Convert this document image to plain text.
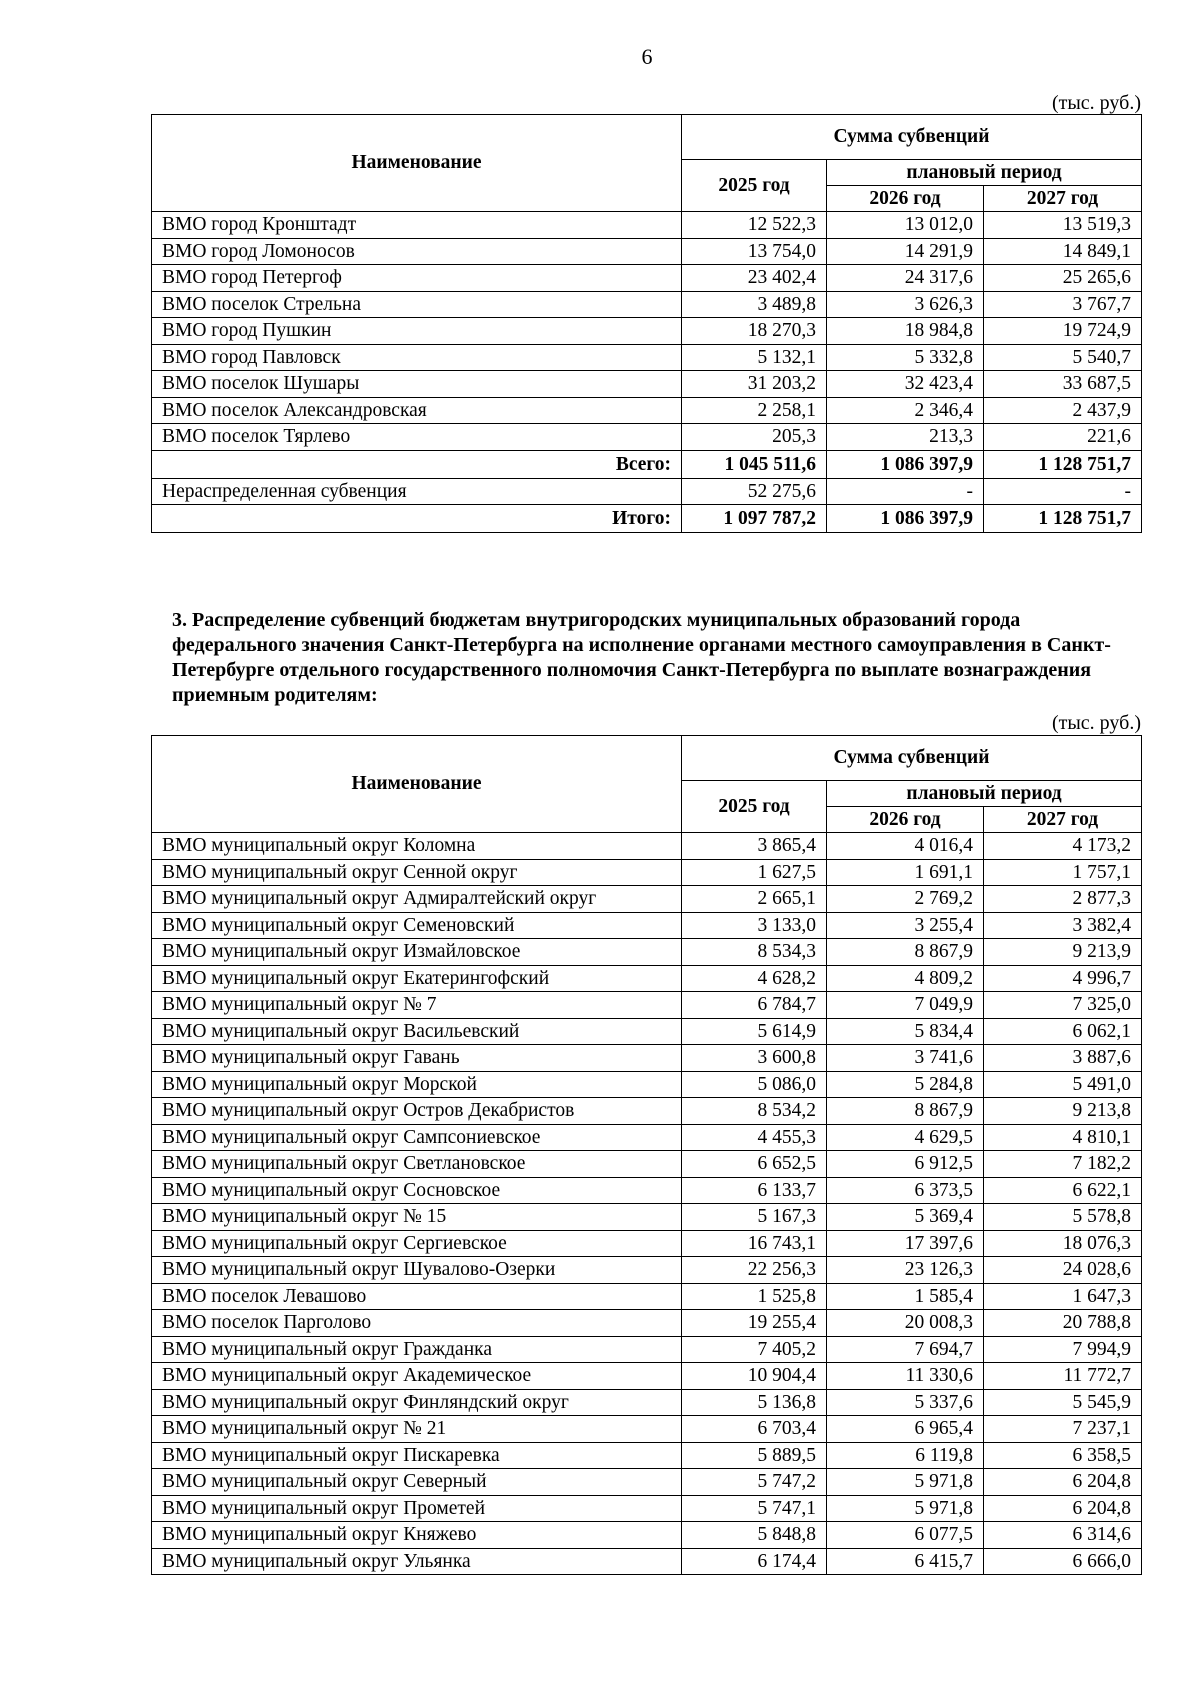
6
(тыс. руб.)
Наименование	Сумма субвенций		
	2025 год	плановый период	
		2026 год	2027 год
ВМО город Кронштадт	12 522,3	13 012,0	13 519,3
ВМО город Ломоносов	13 754,0	14 291,9	14 849,1
ВМО город Петергоф	23 402,4	24 317,6	25 265,6
ВМО поселок Стрельна	3 489,8	3 626,3	3 767,7
ВМО город Пушкин	18 270,3	18 984,8	19 724,9
ВМО город Павловск	5 132,1	5 332,8	5 540,7
ВМО поселок Шушары	31 203,2	32 423,4	33 687,5
ВМО поселок Александровская	2 258,1	2 346,4	2 437,9
ВМО поселок Тярлево	205,3	213,3	221,6
Всего:	1 045 511,6	1 086 397,9	1 128 751,7
Нераспределенная субвенция	52 275,6	-	-
Итого:	1 097 787,2	1 086 397,9	1 128 751,7
3. Распределение субвенций бюджетам внутригородских муниципальных образований города федерального значения Санкт-Петербурга на исполнение органами местного самоуправления в Санкт-Петербурге отдельного государственного полномочия Санкт-Петербурга по выплате вознаграждения приемным родителям:
(тыс. руб.)
Наименование	Сумма субвенций		
	2025 год	плановый период	
		2026 год	2027 год
ВМО муниципальный округ Коломна	3 865,4	4 016,4	4 173,2
ВМО муниципальный округ Сенной округ	1 627,5	1 691,1	1 757,1
ВМО муниципальный округ Адмиралтейский округ	2 665,1	2 769,2	2 877,3
ВМО муниципальный округ Семеновский	3 133,0	3 255,4	3 382,4
ВМО муниципальный округ Измайловское	8 534,3	8 867,9	9 213,9
ВМО муниципальный округ Екатерингофский	4 628,2	4 809,2	4 996,7
ВМО муниципальный округ № 7	6 784,7	7 049,9	7 325,0
ВМО муниципальный округ Васильевский	5 614,9	5 834,4	6 062,1
ВМО муниципальный округ Гавань	3 600,8	3 741,6	3 887,6
ВМО муниципальный округ Морской	5 086,0	5 284,8	5 491,0
ВМО муниципальный округ Остров Декабристов	8 534,2	8 867,9	9 213,8
ВМО муниципальный округ Сампсониевское	4 455,3	4 629,5	4 810,1
ВМО муниципальный округ Светлановское	6 652,5	6 912,5	7 182,2
ВМО муниципальный округ Сосновское	6 133,7	6 373,5	6 622,1
ВМО муниципальный округ № 15	5 167,3	5 369,4	5 578,8
ВМО муниципальный округ Сергиевское	16 743,1	17 397,6	18 076,3
ВМО муниципальный округ Шувалово-Озерки	22 256,3	23 126,3	24 028,6
ВМО поселок Левашово	1 525,8	1 585,4	1 647,3
ВМО поселок Парголово	19 255,4	20 008,3	20 788,8
ВМО муниципальный округ Гражданка	7 405,2	7 694,7	7 994,9
ВМО муниципальный округ Академическое	10 904,4	11 330,6	11 772,7
ВМО муниципальный округ Финляндский округ	5 136,8	5 337,6	5 545,9
ВМО муниципальный округ № 21	6 703,4	6 965,4	7 237,1
ВМО муниципальный округ Пискаревка	5 889,5	6 119,8	6 358,5
ВМО муниципальный округ Северный	5 747,2	5 971,8	6 204,8
ВМО муниципальный округ Прометей	5 747,1	5 971,8	6 204,8
ВМО муниципальный округ Княжево	5 848,8	6 077,5	6 314,6
ВМО муниципальный округ Ульянка	6 174,4	6 415,7	6 666,0
